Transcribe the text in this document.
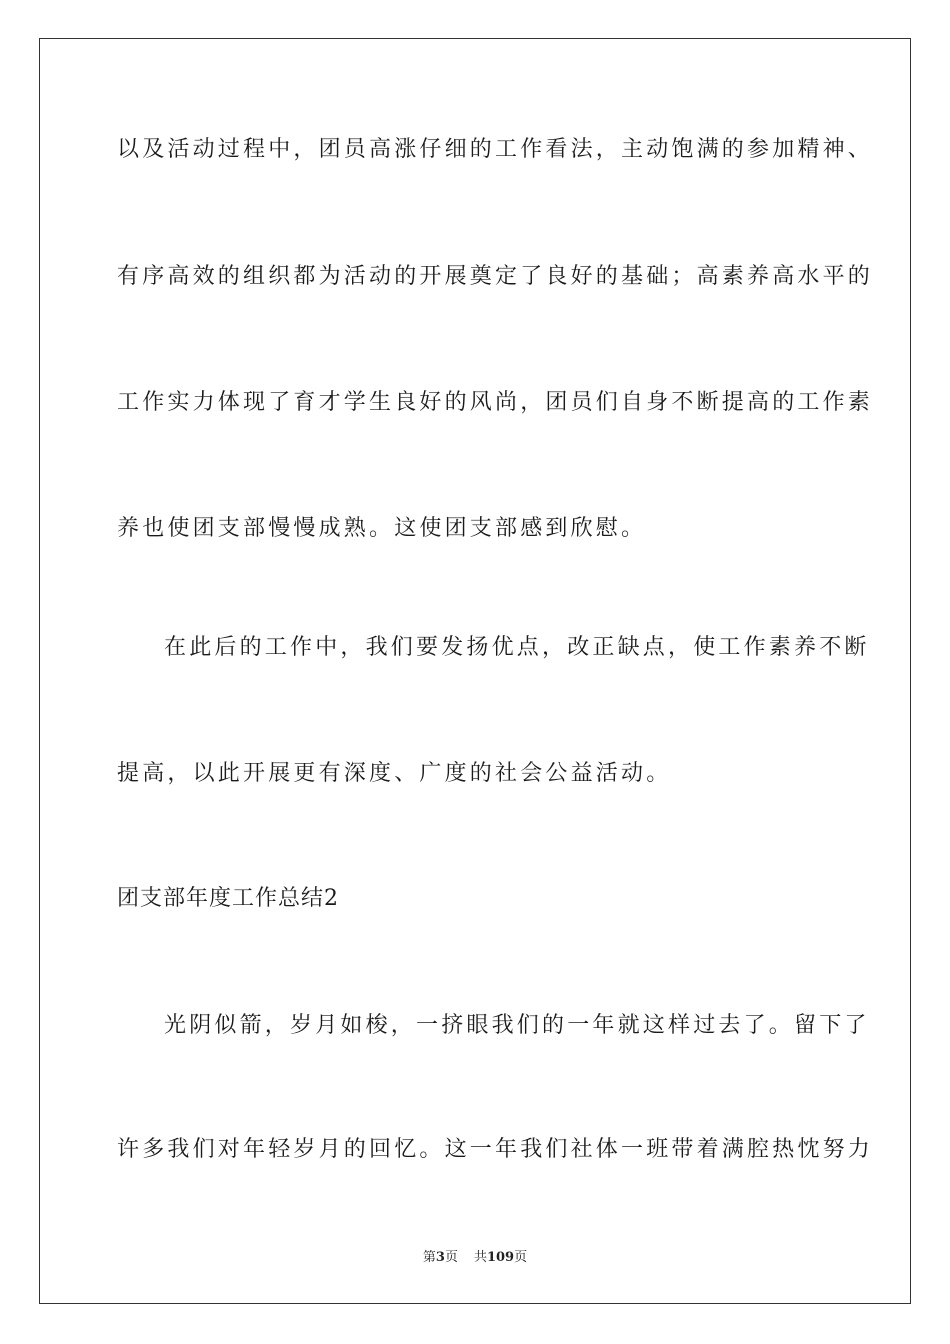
以及活动过程中，团员高涨仔细的工作看法，主动饱满的参加精神、
有序高效的组织都为活动的开展奠定了良好的基础；高素养高水平的
工作实力体现了育才学生良好的风尚，团员们自身不断提高的工作素
养也使团支部慢慢成熟。这使团支部感到欣慰。
在此后的工作中，我们要发扬优点，改正缺点，使工作素养不断
提高，以此开展更有深度、广度的社会公益活动。
团支部年度工作总结2
光阴似箭，岁月如梭，一挤眼我们的一年就这样过去了。留下了
许多我们对年轻岁月的回忆。这一年我们社体一班带着满腔热忱努力
第3页 共109页
